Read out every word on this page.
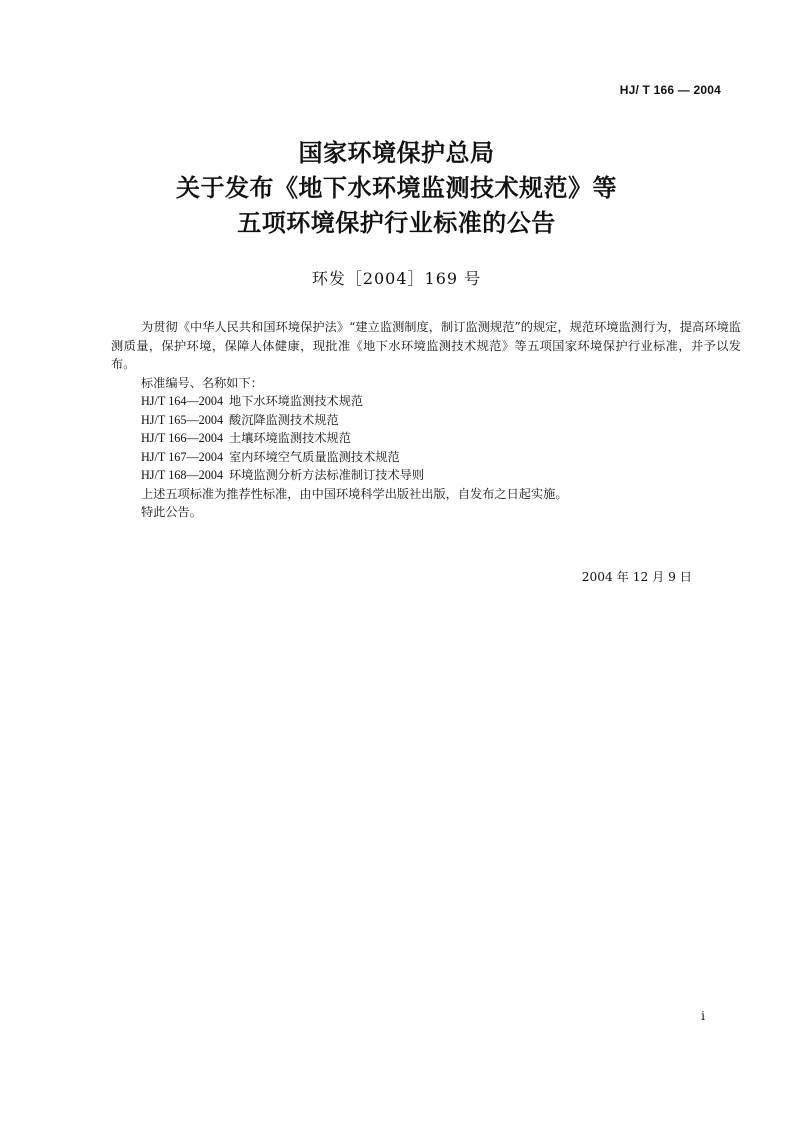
HJ/ T 166 — 2004
国家环境保护总局
关于发布《地下水环境监测技术规范》等
五项环境保护行业标准的公告
环发［2004］169 号

为贯彻《中华人民共和国环境保护法》“建立监测制度，制订监测规范”的规定，规范环境监测行为，提高环境监测质量，保护环境，保障人体健康，现批准《地下水环境监测技术规范》等五项国家环境保护行业标准，并予以发布。

标准编号、名称如下：

HJ/T 164—2004 地下水环境监测技术规范
HJ/T 165—2004 酸沉降监测技术规范
HJ/T 166—2004 土壤环境监测技术规范
HJ/T 167—2004 室内环境空气质量监测技术规范
HJ/T 168—2004 环境监测分析方法标准制订技术导则

上述五项标准为推荐性标准，由中国环境科学出版社出版，自发布之日起实施。

特此公告。

2004 年 12 月 9 日
i
